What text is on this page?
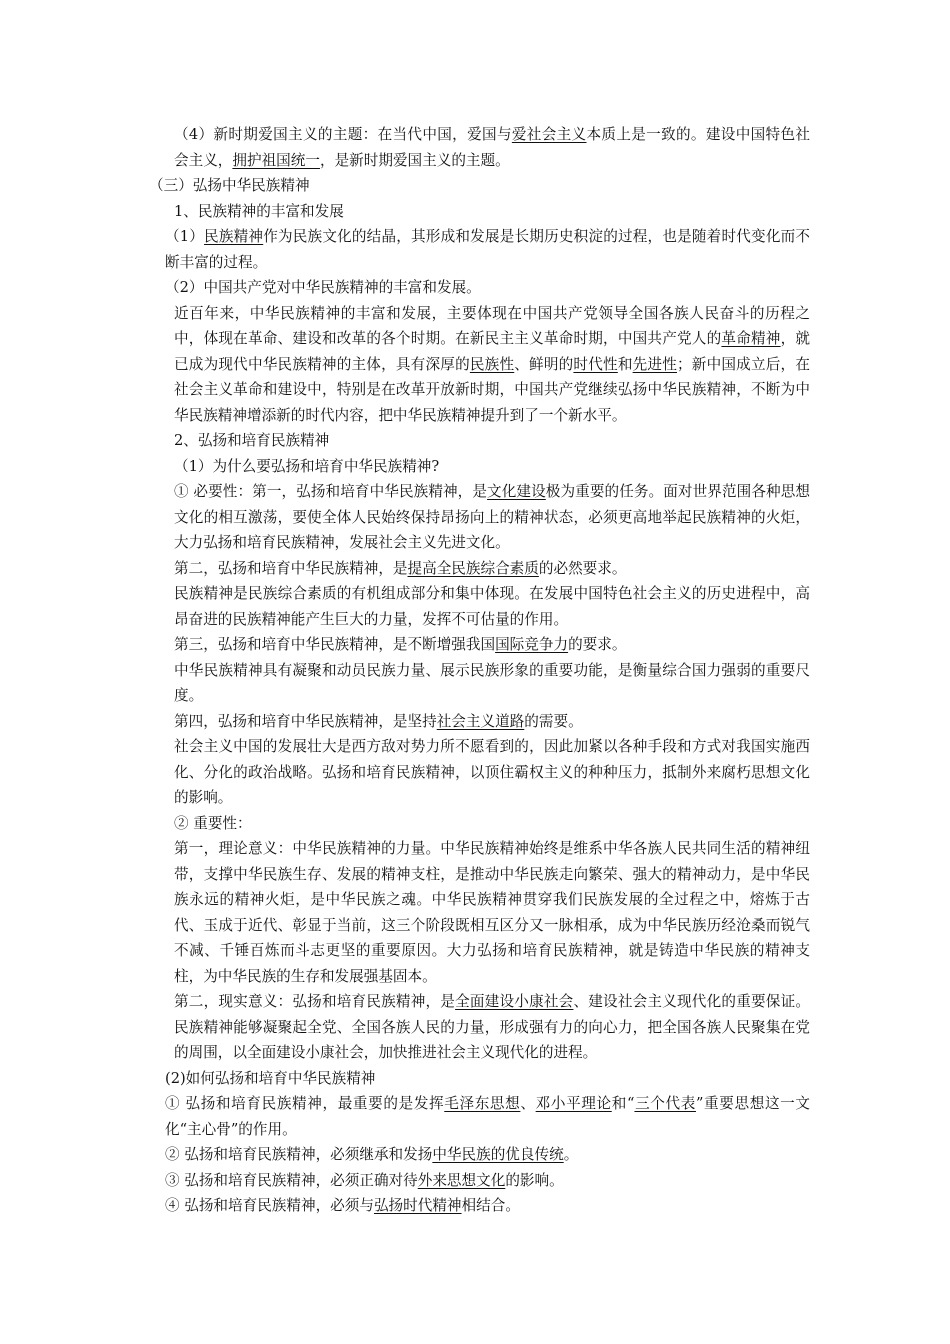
（4）新时期爱国主义的主题：在当代中国，爱国与爱社会主义本质上是一致的。建设中国特色社会主义，拥护祖国统一，是新时期爱国主义的主题。

（三）弘扬中华民族精神

1、民族精神的丰富和发展

（1）民族精神作为民族文化的结晶，其形成和发展是长期历史积淀的过程，也是随着时代变化而不断丰富的过程。

（2）中国共产党对中华民族精神的丰富和发展。

近百年来，中华民族精神的丰富和发展，主要体现在中国共产党领导全国各族人民奋斗的历程之中，体现在革命、建设和改革的各个时期。在新民主主义革命时期，中国共产党人的革命精神，就已成为现代中华民族精神的主体，具有深厚的民族性、鲜明的时代性和先进性；新中国成立后，在社会主义革命和建设中，特别是在改革开放新时期，中国共产党继续弘扬中华民族精神，不断为中华民族精神增添新的时代内容，把中华民族精神提升到了一个新水平。

2、弘扬和培育民族精神

（1）为什么要弘扬和培育中华民族精神?

① 必要性：第一，弘扬和培育中华民族精神，是文化建设极为重要的任务。面对世界范围各种思想文化的相互激荡，要使全体人民始终保持昂扬向上的精神状态，必须更高地举起民族精神的火炬，大力弘扬和培育民族精神，发展社会主义先进文化。

第二，弘扬和培育中华民族精神，是提高全民族综合素质的必然要求。

民族精神是民族综合素质的有机组成部分和集中体现。在发展中国特色社会主义的历史进程中，高昂奋进的民族精神能产生巨大的力量，发挥不可估量的作用。

第三，弘扬和培育中华民族精神，是不断增强我国国际竞争力的要求。

中华民族精神具有凝聚和动员民族力量、展示民族形象的重要功能，是衡量综合国力强弱的重要尺度。

第四，弘扬和培育中华民族精神，是坚持社会主义道路的需要。

社会主义中国的发展壮大是西方敌对势力所不愿看到的，因此加紧以各种手段和方式对我国实施西化、分化的政治战略。弘扬和培育民族精神，以顶住霸权主义的种种压力，抵制外来腐朽思想文化的影响。

② 重要性：

第一，理论意义：中华民族精神的力量。中华民族精神始终是维系中华各族人民共同生活的精神纽带，支撑中华民族生存、发展的精神支柱，是推动中华民族走向繁荣、强大的精神动力，是中华民族永远的精神火炬，是中华民族之魂。中华民族精神贯穿我们民族发展的全过程之中，熔炼于古代、玉成于近代、彰显于当前，这三个阶段既相互区分又一脉相承，成为中华民族历经沧桑而锐气不减、千锤百炼而斗志更坚的重要原因。大力弘扬和培育民族精神，就是铸造中华民族的精神支柱，为中华民族的生存和发展强基固本。

第二，现实意义：弘扬和培育民族精神，是全面建设小康社会、建设社会主义现代化的重要保证。民族精神能够凝聚起全党、全国各族人民的力量，形成强有力的向心力，把全国各族人民聚集在党的周围，以全面建设小康社会，加快推进社会主义现代化的进程。

(2)如何弘扬和培育中华民族精神

① 弘扬和培育民族精神，最重要的是发挥毛泽东思想、邓小平理论和“三个代表”重要思想这一文化“主心骨”的作用。

② 弘扬和培育民族精神，必须继承和发扬中华民族的优良传统。

③ 弘扬和培育民族精神，必须正确对待外来思想文化的影响。

④ 弘扬和培育民族精神，必须与弘扬时代精神相结合。
